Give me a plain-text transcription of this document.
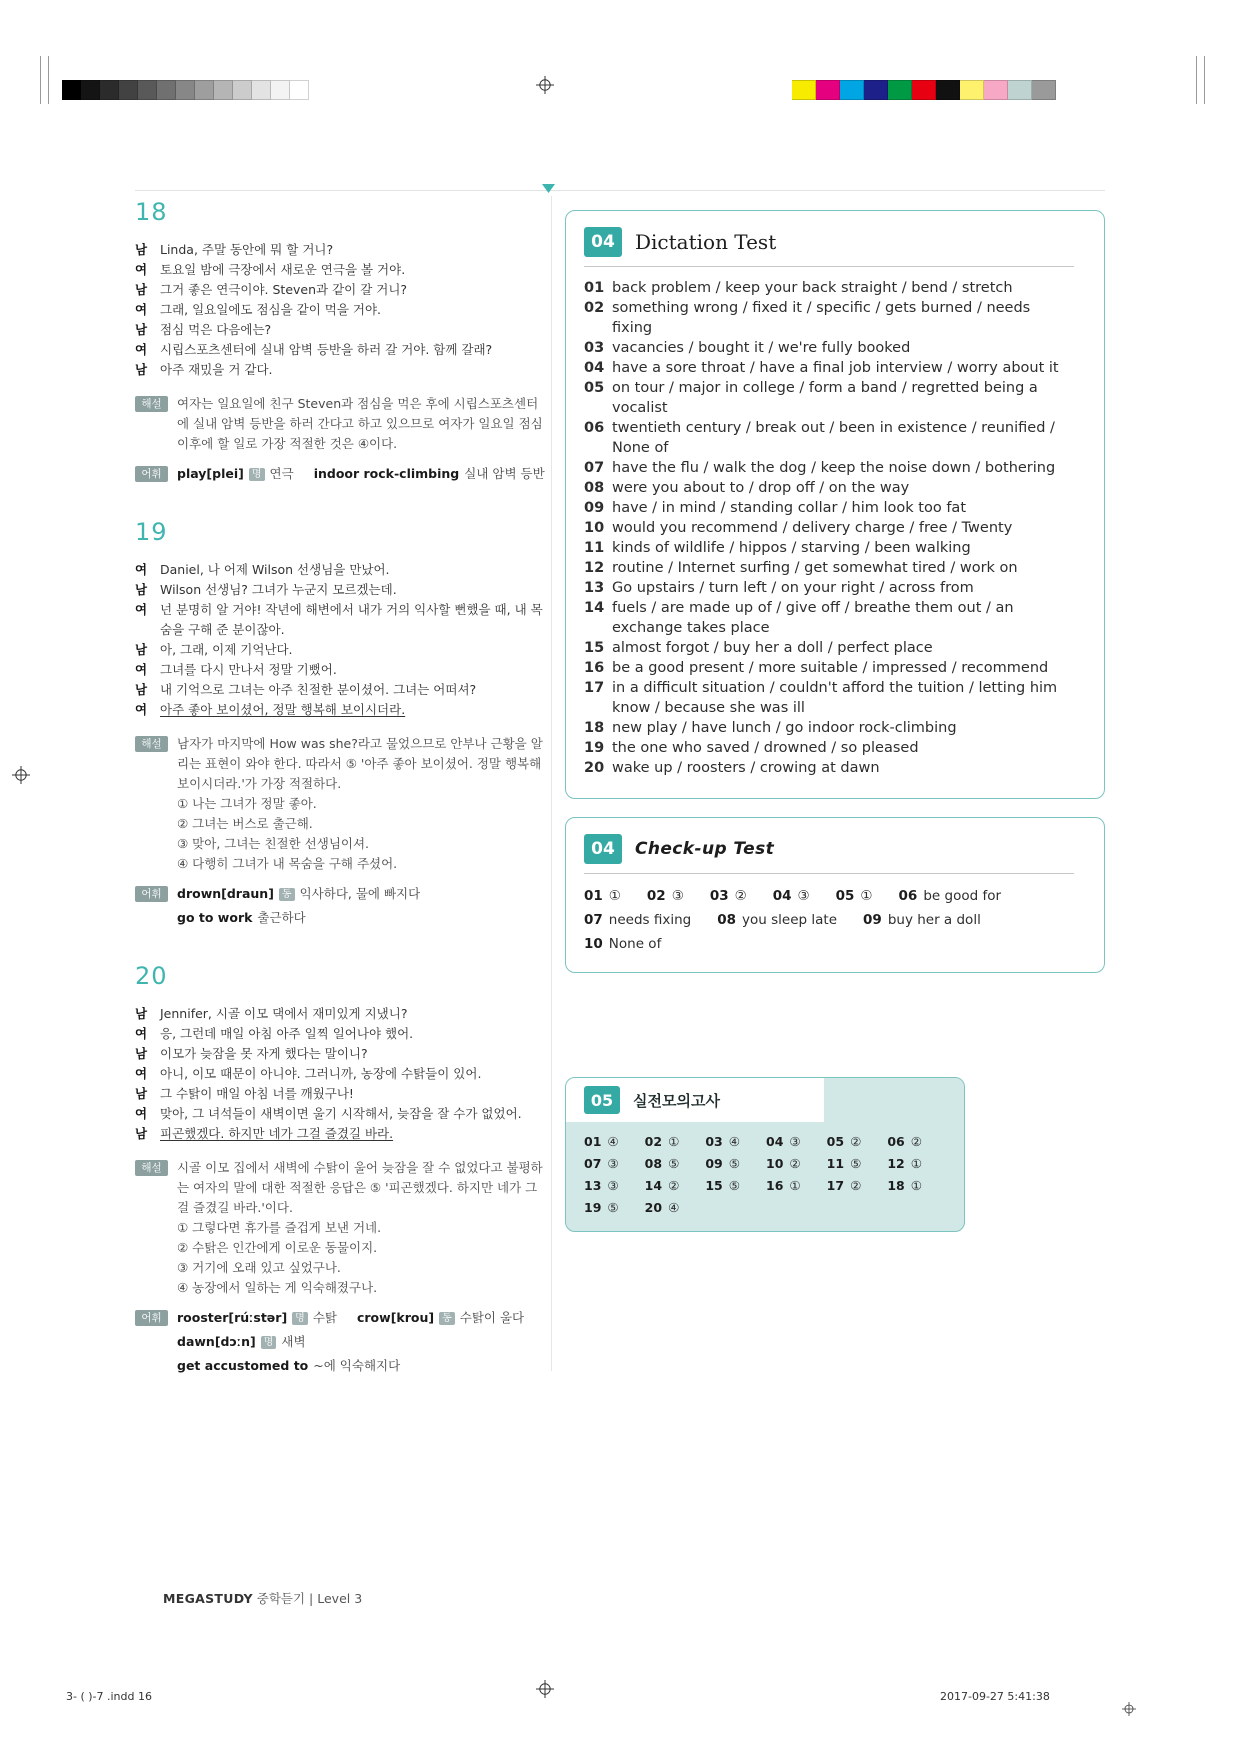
18
남	Linda, 주말 동안에 뭐 할 거니?
여	토요일 밤에 극장에서 새로운 연극을 볼 거야.
남	그거 좋은 연극이야. Steven과 같이 갈 거니?
여	그래, 일요일에도 점심을 같이 먹을 거야.
남	점심 먹은 다음에는?
여	시립스포츠센터에 실내 암벽 등반을 하러 갈 거야. 함께 갈래?
남	아주 재밌을 거 같다.
해설	여자는 일요일에 친구 Steven과 점심을 먹은 후에 시립스포츠센터에 실내 암벽 등반을 하러 간다고 하고 있으므로 여자가 일요일 점심 이후에 할 일로 가장 적절한 것은 ④이다.
어휘	play[plei] 명 연극 indoor rock-climbing 실내 암벽 등반
19
여	Daniel, 나 어제 Wilson 선생님을 만났어.
남	Wilson 선생님? 그녀가 누군지 모르겠는데.
여	넌 분명히 알 거야! 작년에 해변에서 내가 거의 익사할 뻔했을 때, 내 목숨을 구해 준 분이잖아.
남	아, 그래, 이제 기억난다.
여	그녀를 다시 만나서 정말 기뻤어.
남	내 기억으로 그녀는 아주 친절한 분이셨어. 그녀는 어떠셔?
여	아주 좋아 보이셨어, 정말 행복해 보이시더라.
해설	남자가 마지막에 How was she?라고 물었으므로 안부나 근황을 알리는 표현이 와야 한다. 따라서 ⑤ '아주 좋아 보이셨어. 정말 행복해 보이시더라.'가 가장 적절하다.
① 나는 그녀가 정말 좋아.
② 그녀는 버스로 출근해.
③ 맞아, 그녀는 친절한 선생님이셔.
④ 다행히 그녀가 내 목숨을 구해 주셨어.
어휘	drown[draun] 동 익사하다, 물에 빠지다
go to work 출근하다
20
남	Jennifer, 시골 이모 댁에서 재미있게 지냈니?
여	응, 그런데 매일 아침 아주 일찍 일어나야 했어.
남	이모가 늦잠을 못 자게 했다는 말이니?
여	아니, 이모 때문이 아니야. 그러니까, 농장에 수탉들이 있어.
남	그 수탉이 매일 아침 너를 깨웠구나!
여	맞아, 그 녀석들이 새벽이면 울기 시작해서, 늦잠을 잘 수가 없었어.
남	피곤했겠다. 하지만 네가 그걸 즐겼길 바라.
해설	시골 이모 집에서 새벽에 수탉이 울어 늦잠을 잘 수 없었다고 불평하는 여자의 말에 대한 적절한 응답은 ⑤ '피곤했겠다. 하지만 네가 그걸 즐겼길 바라.'이다.
① 그렇다면 휴가를 즐겁게 보낸 거네.
② 수탉은 인간에게 이로운 동물이지.
③ 거기에 오래 있고 싶었구나.
④ 농장에서 일하는 게 익숙해졌구나.
어휘	rooster[rúːstər] 명 수탉 crow[krou] 동 수탉이 울다
dawn[dɔːn] 명 새벽
get accustomed to ~에 익숙해지다
04	Dictation Test
01 back problem / keep your back straight / bend / stretch
02 something wrong / fixed it / specific / gets burned / needs fixing
03 vacancies / bought it / we're fully booked
04 have a sore throat / have a final job interview / worry about it
05 on tour / major in college / form a band / regretted being a vocalist
06 twentieth century / break out / been in existence / reunified / None of
07 have the flu / walk the dog / keep the noise down / bothering
08 were you about to / drop off / on the way
09 have / in mind / standing collar / him look too fat
10 would you recommend / delivery charge / free / Twenty
11 kinds of wildlife / hippos / starving / been walking
12 routine / Internet surfing / get somewhat tired / work on
13 Go upstairs / turn left / on your right / across from
14 fuels / are made up of / give off / breathe them out / an exchange takes place
15 almost forgot / buy her a doll / perfect place
16 be a good present / more suitable / impressed / recommend
17 in a difficult situation / couldn't afford the tuition / letting him know / because she was ill
18 new play / have lunch / go indoor rock-climbing
19 the one who saved / drowned / so pleased
20 wake up / roosters / crowing at dawn
04	Check-up Test
01 ① 02 ③ 03 ② 04 ③ 05 ① 06 be good for
07 needs fixing 08 you sleep late 09 buy her a doll
10 None of
05	실전모의고사
01 ④	02 ①	03 ④	04 ③	05 ②	06 ②
07 ③	08 ⑤	09 ⑤	10 ②	11 ⑤	12 ①
13 ③	14 ②	15 ⑤	16 ①	17 ②	18 ①
19 ⑤	20 ④
MEGASTUDY 중학듣기 | Level 3
3- ( )-7 .indd 16	2017-09-27 5:41:38
